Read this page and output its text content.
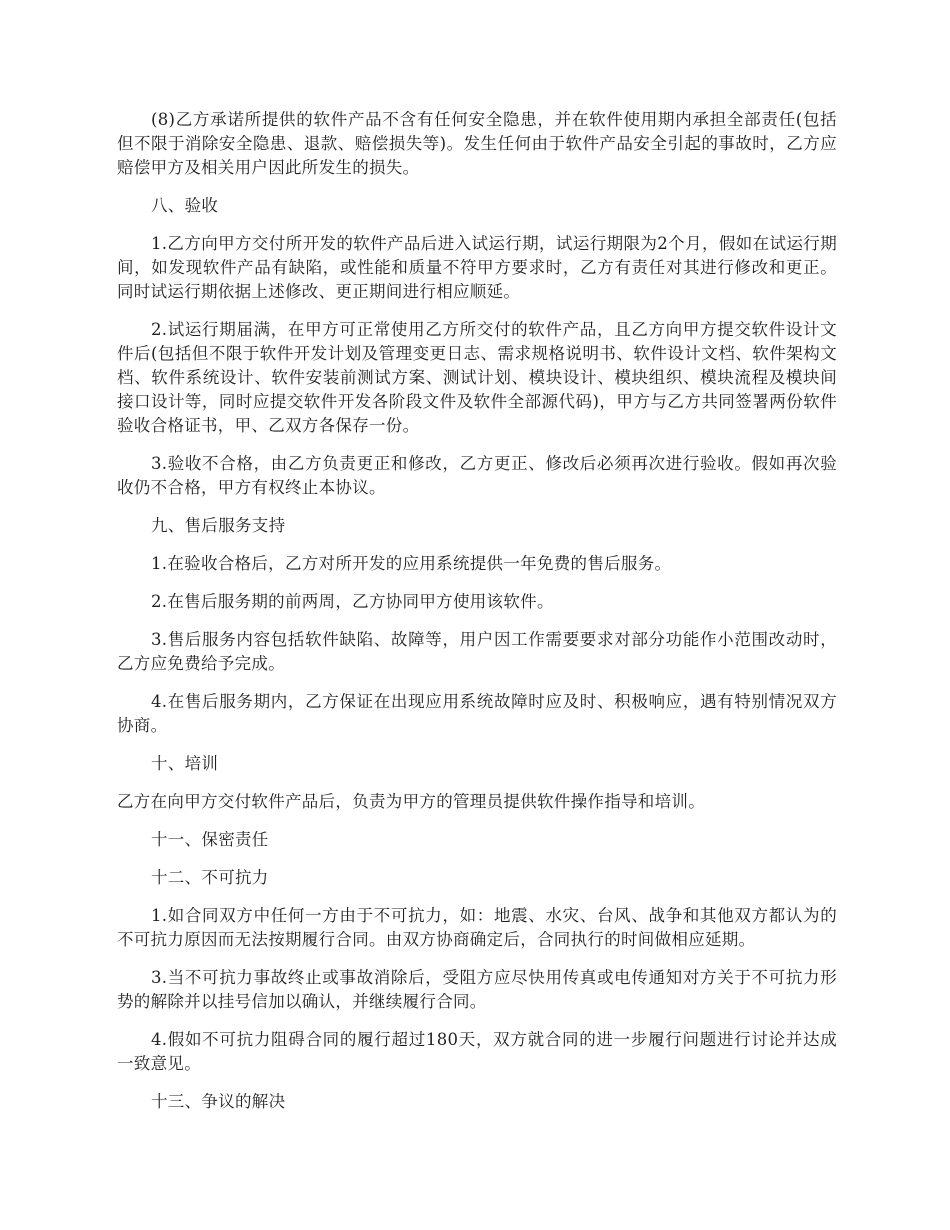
(8)乙方承诺所提供的软件产品不含有任何安全隐患，并在软件使用期内承担全部责任(包括但不限于消除安全隐患、退款、赔偿损失等)。发生任何由于软件产品安全引起的事故时，乙方应赔偿甲方及相关用户因此所发生的损失。

八、验收

1.乙方向甲方交付所开发的软件产品后进入试运行期，试运行期限为2个月，假如在试运行期间，如发现软件产品有缺陷，或性能和质量不符甲方要求时，乙方有责任对其进行修改和更正。同时试运行期依据上述修改、更正期间进行相应顺延。

2.试运行期届满，在甲方可正常使用乙方所交付的软件产品，且乙方向甲方提交软件设计文件后(包括但不限于软件开发计划及管理变更日志、需求规格说明书、软件设计文档、软件架构文档、软件系统设计、软件安装前测试方案、测试计划、模块设计、模块组织、模块流程及模块间接口设计等，同时应提交软件开发各阶段文件及软件全部源代码)，甲方与乙方共同签署两份软件验收合格证书，甲、乙双方各保存一份。

3.验收不合格，由乙方负责更正和修改，乙方更正、修改后必须再次进行验收。假如再次验收仍不合格，甲方有权终止本协议。

九、售后服务支持

1.在验收合格后，乙方对所开发的应用系统提供一年免费的售后服务。

2.在售后服务期的前两周，乙方协同甲方使用该软件。

3.售后服务内容包括软件缺陷、故障等，用户因工作需要要求对部分功能作小范围改动时，乙方应免费给予完成。

4.在售后服务期内，乙方保证在出现应用系统故障时应及时、积极响应，遇有特别情况双方协商。

十、培训

乙方在向甲方交付软件产品后，负责为甲方的管理员提供软件操作指导和培训。

十一、保密责任

十二、不可抗力

1.如合同双方中任何一方由于不可抗力，如：地震、水灾、台风、战争和其他双方都认为的不可抗力原因而无法按期履行合同。由双方协商确定后，合同执行的时间做相应延期。

3.当不可抗力事故终止或事故消除后，受阻方应尽快用传真或电传通知对方关于不可抗力形势的解除并以挂号信加以确认，并继续履行合同。

4.假如不可抗力阻碍合同的履行超过180天，双方就合同的进一步履行问题进行讨论并达成一致意见。

十三、争议的解决
